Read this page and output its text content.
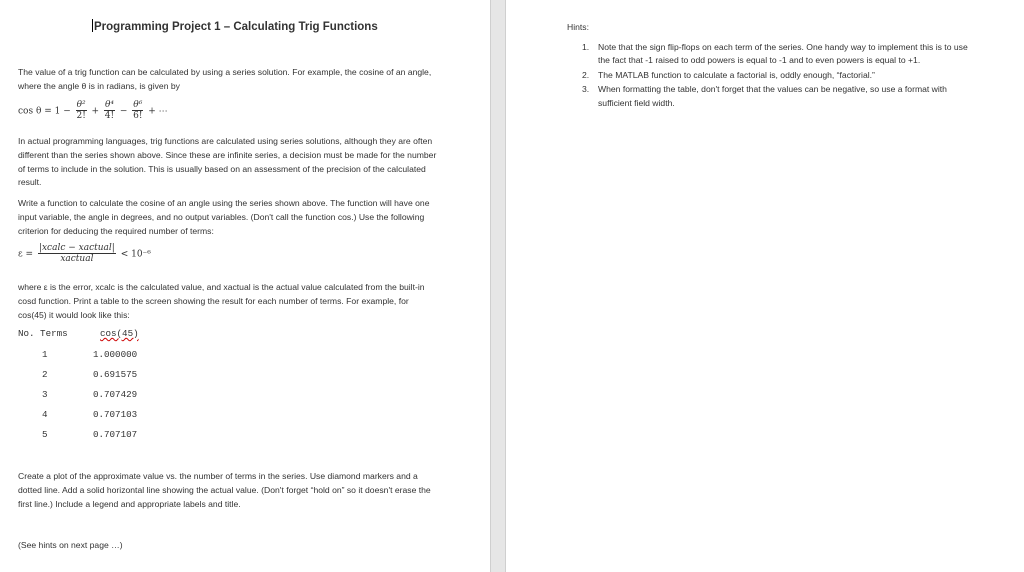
Programming Project 1 – Calculating Trig Functions
The value of a trig function can be calculated by using a series solution. For example, the cosine of an angle, where the angle θ is in radians, is given by
$\cos \theta = 1 - \frac{\text{θ²}}{2!} + \frac{\text{θ⁴}}{4!} - \frac{\text{θ⁶}}{6!}$ + ⋯
In actual programming languages, trig functions are calculated using series solutions, although they are often different than the series shown above. Since these are infinite series, a decision must be made for the number of terms to include in the solution. This is usually based on an assessment of the precision of the calculated result.
Write a function to calculate the cosine of an angle using the series shown above. The function will have one input variable, the angle in degrees, and no output variables. (Don't call the function cos.) Use the following criterion for deducing the required number of terms:
$\varepsilon = \frac{\text{|xcalc − xactual|}}{\text{xactual}} < 10^{-6}$
where ε is the error, xcalc is the calculated value, and xactual is the actual value calculated from the built-in cosd function. Print a table to the screen showing the result for each number of terms. For example, for cos(45) it would look like this:
No. Terms	cos(45)
1	1.000000
2	0.691575
3	0.707429
4	0.707103
5	0.707107
Create a plot of the approximate value vs. the number of terms in the series. Use diamond markers and a dotted line. Add a solid horizontal line showing the actual value. (Don't forget “hold on” so it doesn't erase the first line.) Include a legend and appropriate labels and title.
(See hints on next page …)
Hints:
1. Note that the sign flip-flops on each term of the series. One handy way to implement this is to use the fact that -1 raised to odd powers is equal to -1 and to even powers is equal to +1.
2. The MATLAB function to calculate a factorial is, oddly enough, “factorial.”
3. When formatting the table, don't forget that the values can be negative, so use a format with sufficient field width.
